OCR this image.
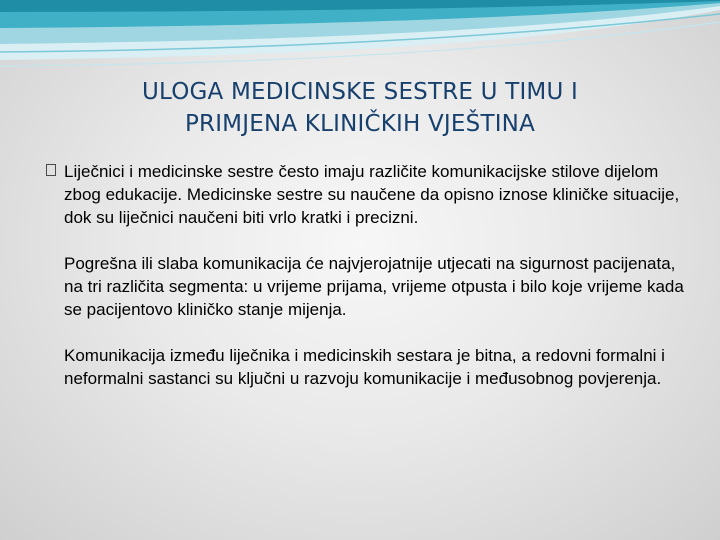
ULOGA MEDICINSKE SESTRE U TIMU I
PRIMJENA KLINIČKIH VJEŠTINA

Liječnici i medicinske sestre često imaju različite komunikacijske stilove dijelom zbog edukacije. Medicinske sestre su naučene da opisno iznose kliničke situacije, dok su liječnici naučeni biti vrlo kratki i precizni.

Pogrešna ili slaba komunikacija će najvjerojatnije utjecati na sigurnost pacijenata, na tri različita segmenta: u vrijeme prijama, vrijeme otpusta i bilo koje vrijeme kada se pacijentovo kliničko stanje mijenja.

Komunikacija između liječnika i medicinskih sestara je bitna, a redovni formalni i neformalni sastanci su ključni u razvoju komunikacije i međusobnog povjerenja.
